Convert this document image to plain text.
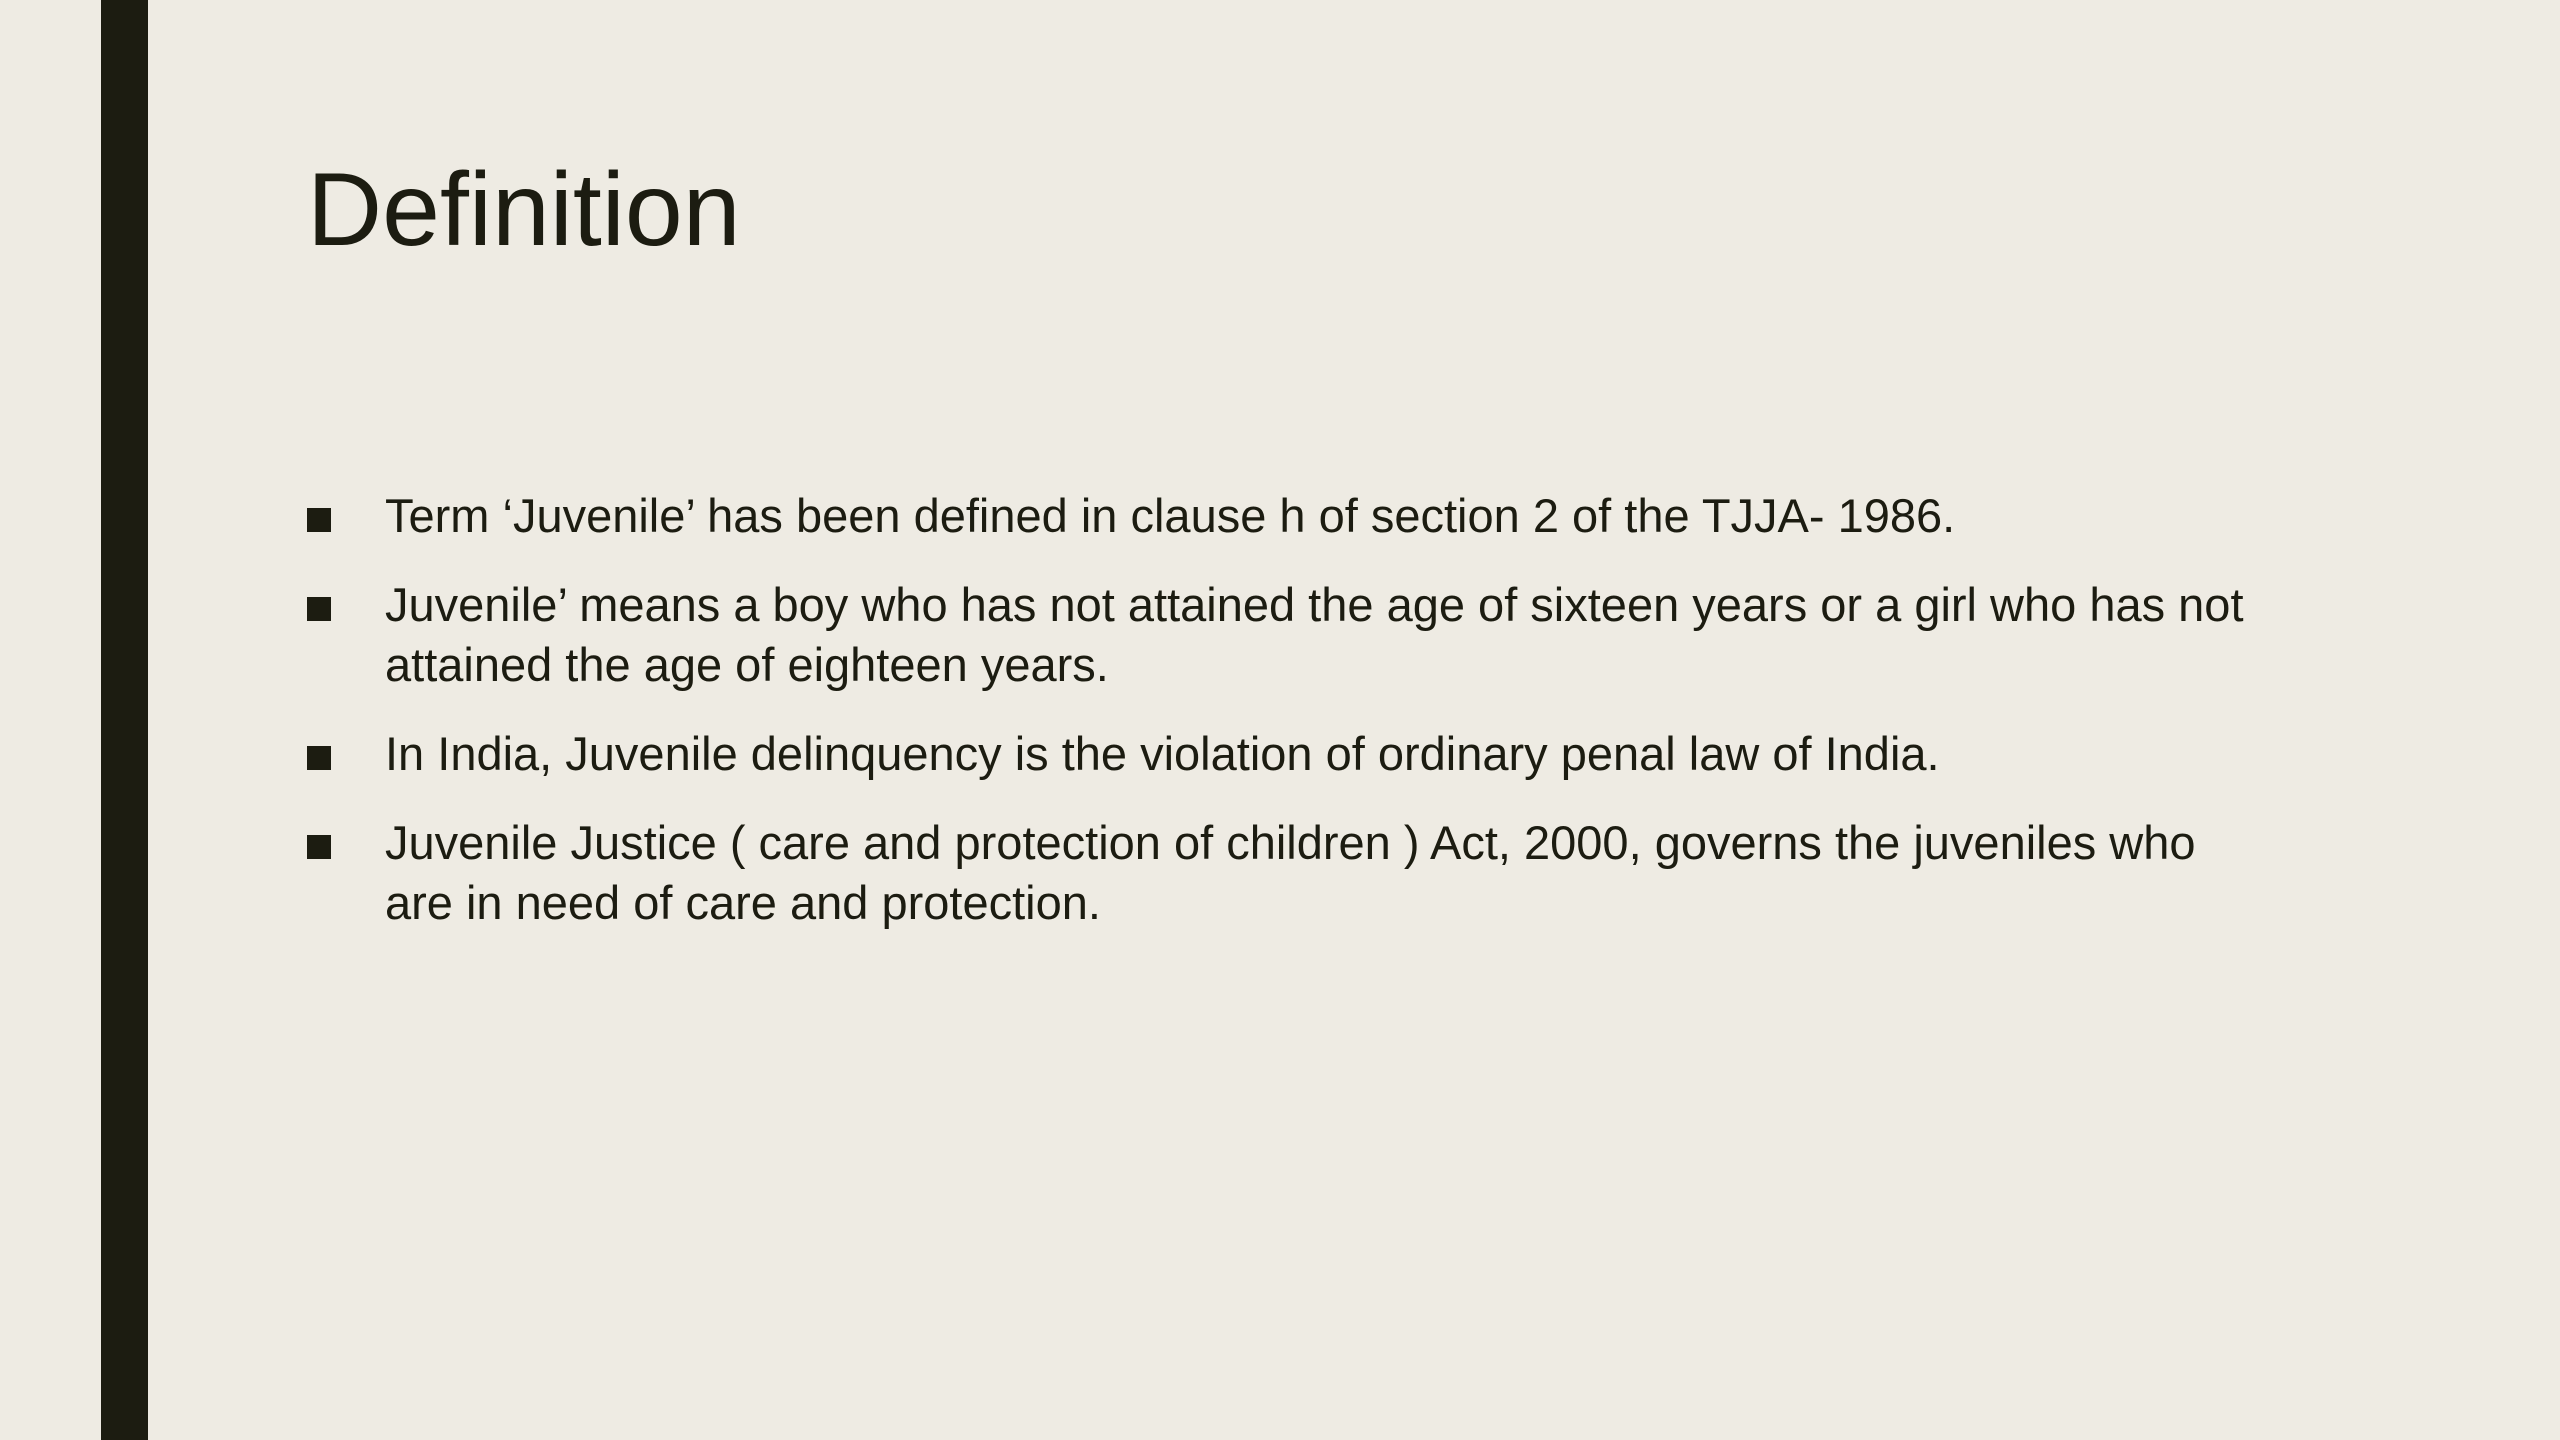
Definition
Term ‘Juvenile’ has been defined in clause h of section 2 of the TJJA- 1986.
Juvenile’ means a boy who has not attained the age of sixteen years or a girl who has not attained the age of eighteen years.
In India, Juvenile delinquency is the violation of ordinary penal law of India.
Juvenile Justice ( care and protection of children ) Act, 2000, governs the juveniles who are in need of care and protection.
